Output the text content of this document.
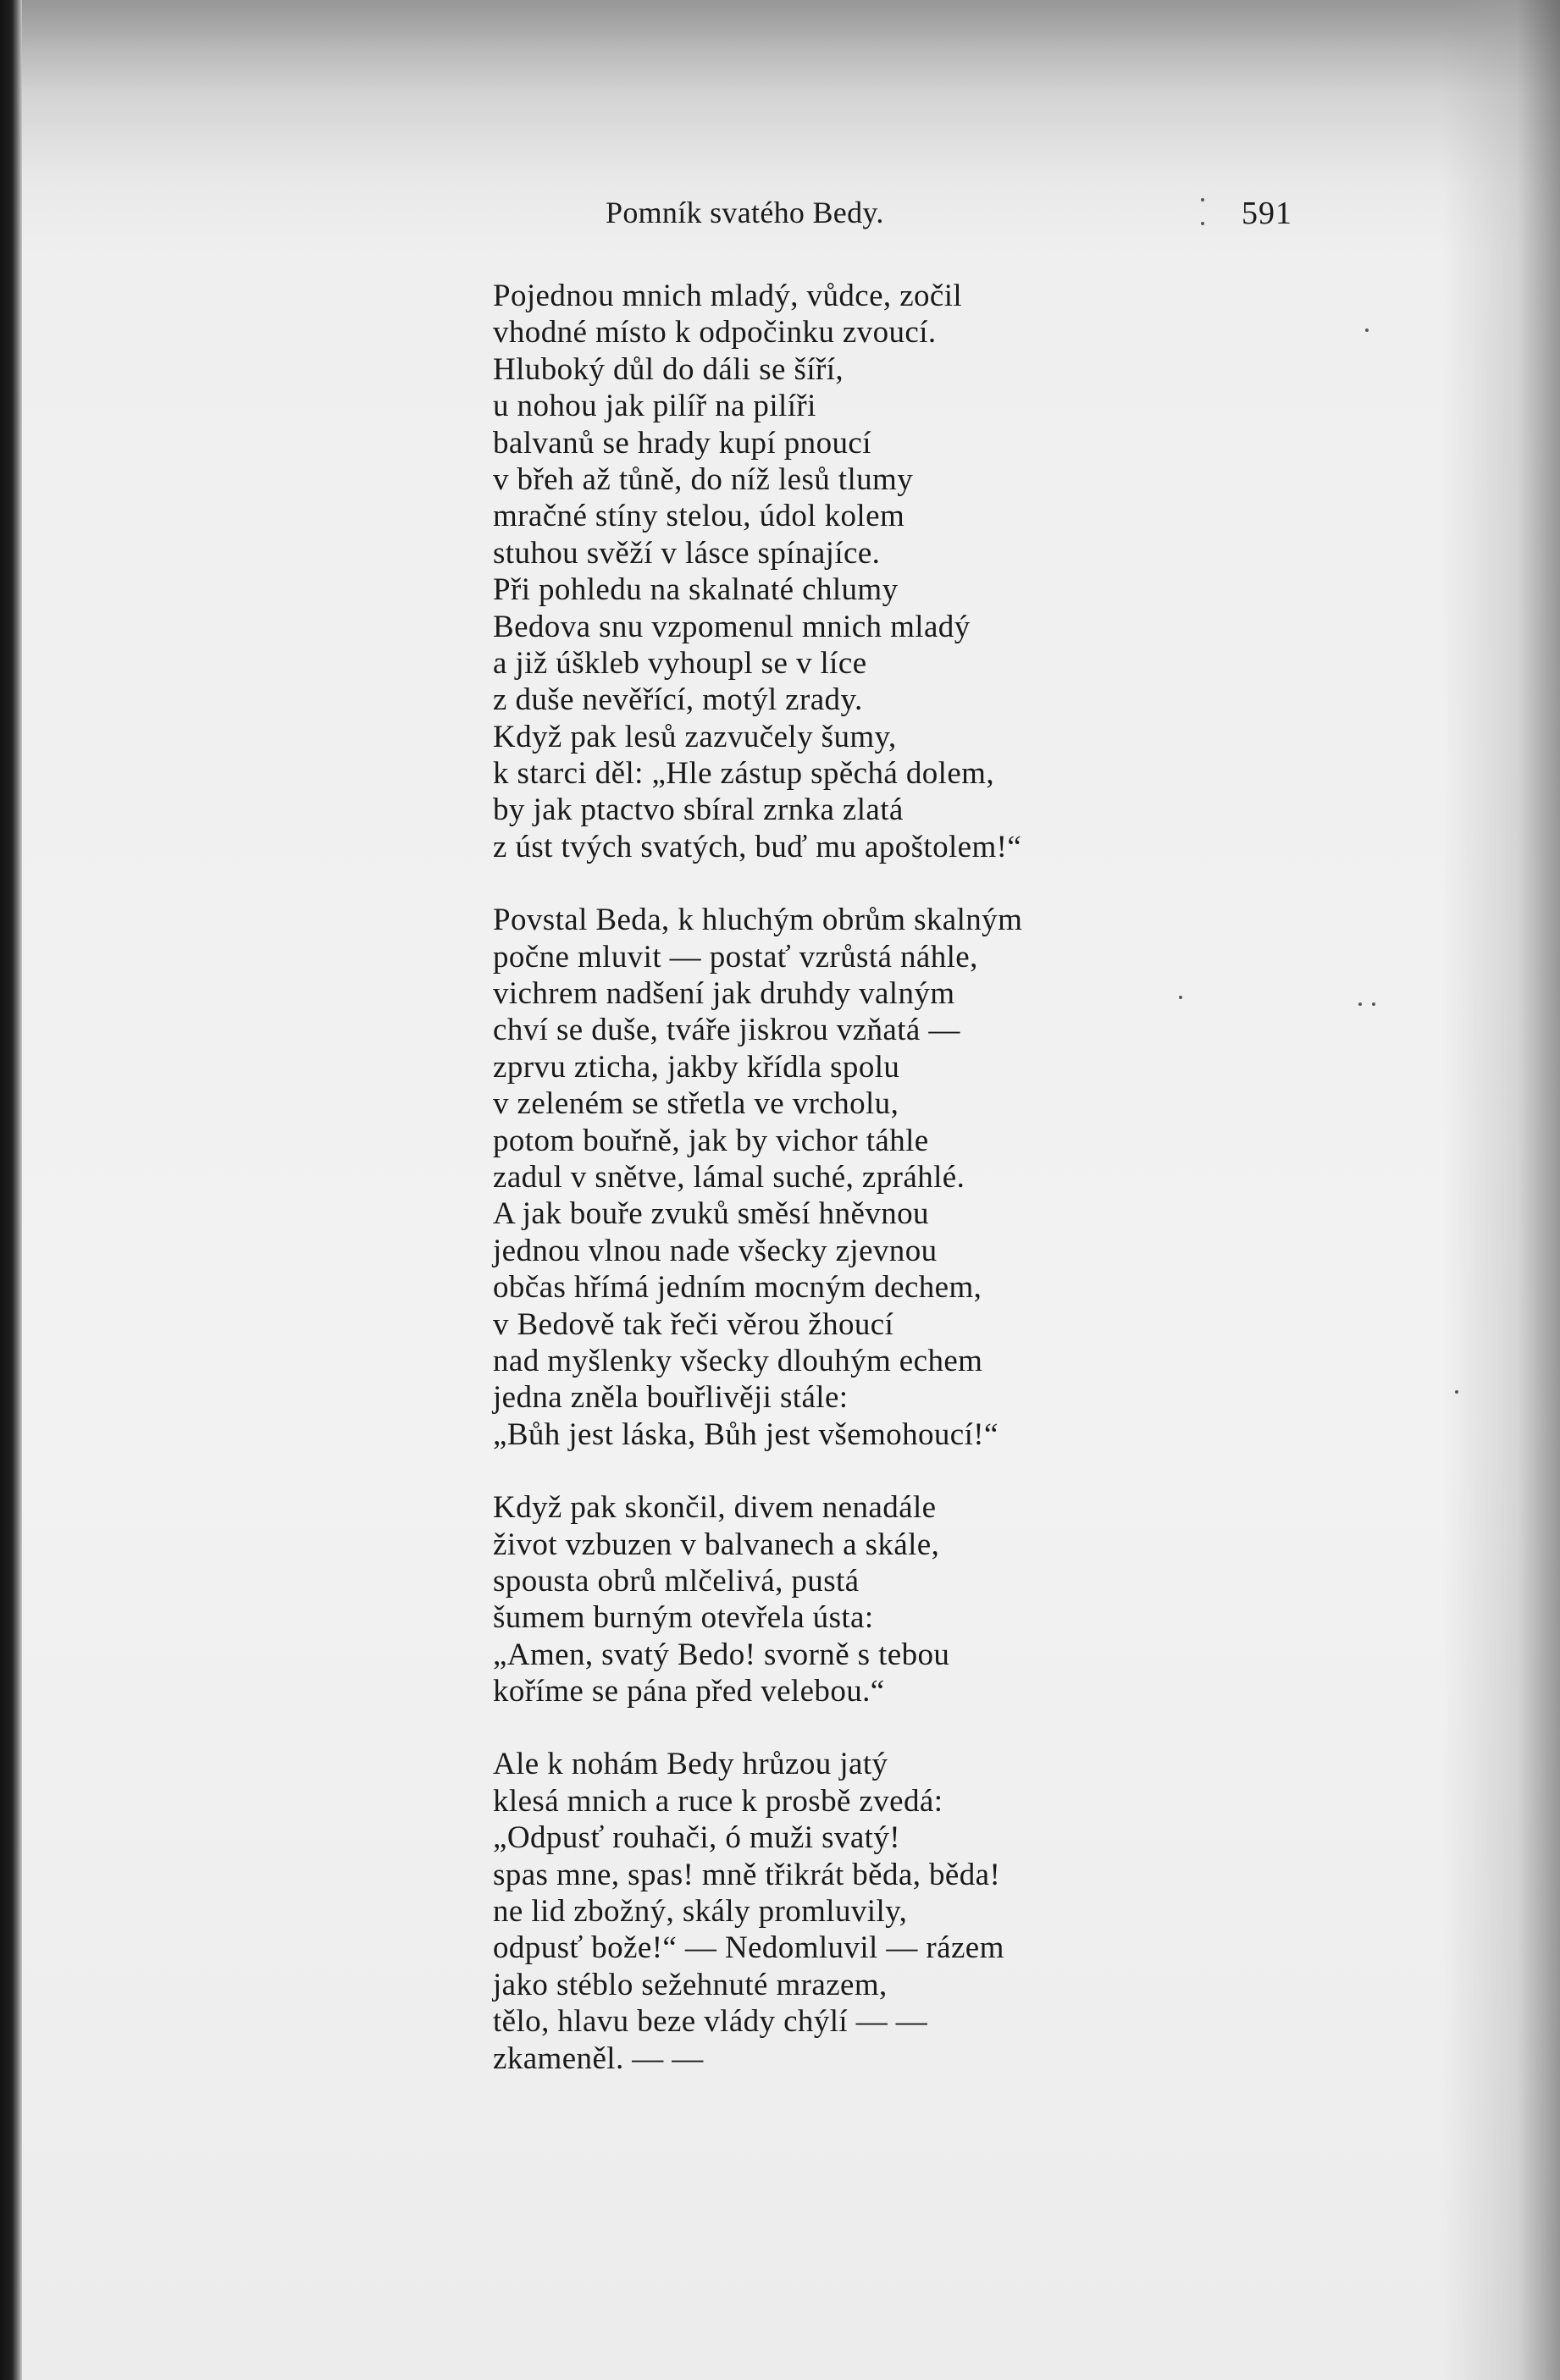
Pomník svatého Bedy.	591
Pojednou mnich mladý, vůdce, zočil
vhodné místo k odpočinku zvoucí.
Hluboký důl do dáli se šíří,
u nohou jak pilíř na pilíři
balvanů se hrady kupí pnoucí
v břeh až tůně, do níž lesů tlumy
mračné stíny stelou, údol kolem
stuhou svěží v lásce spínajíce.
Při pohledu na skalnaté chlumy
Bedova snu vzpomenul mnich mladý
a již úšklеb vyhoupl se v líce
z duše nevěřící, motýl zrady.
Když pak lesů zazvučely šumy,
k starci děl: „Hle zástup spěchá dolem,
by jak ptactvo sbíral zrnka zlatá
z úst tvých svatých, buď mu apoštolem!“
Povstal Beda, k hluchým obrům skalným
počne mluvit — postať vzrůstá náhle,
vichrem nadšení jak druhdy valným
chví se duše, tváře jiskrou vzňatá —
zprvu zticha, jakby křídla spolu
v zeleném se střetla ve vrcholu,
potom bouřně, jak by vichor táhle
zadul v snětve, lámal suché, zpráhlé.
A jak bouře zvuků směsí hněvnou
jednou vlnou nade všecky zjevnou
občas hřímá jedním mocným dechem,
v Bedově tak řeči věrou žhoucí
nad myšlenky všecky dlouhým echem
jedna zněla bouřlivěji stále:
„Bůh jest láska, Bůh jest všemohoucí!“
Když pak skončil, divem nenadále
život vzbuzen v balvanech a skále,
spousta obrů mlčelivá, pustá
šumem burným otevřela ústa:
„Amen, svatý Bedo! svorně s tebou
koříme se pána před velebou.“
Ale k nohám Bedy hrůzou jatý
klesá mnich a ruce k prosbě zvedá:
„Odpusť rouhači, ó muži svatý!
spas mne, spas! mně třikrát běda, běda!
ne lid zbožný, skály promluvily,
odpusť bože!“ — Nedomluvil — rázem
jako stéblo sežehnuté mrazem,
tělo, hlavu beze vlády chýlí — —
zkameněl. — —
